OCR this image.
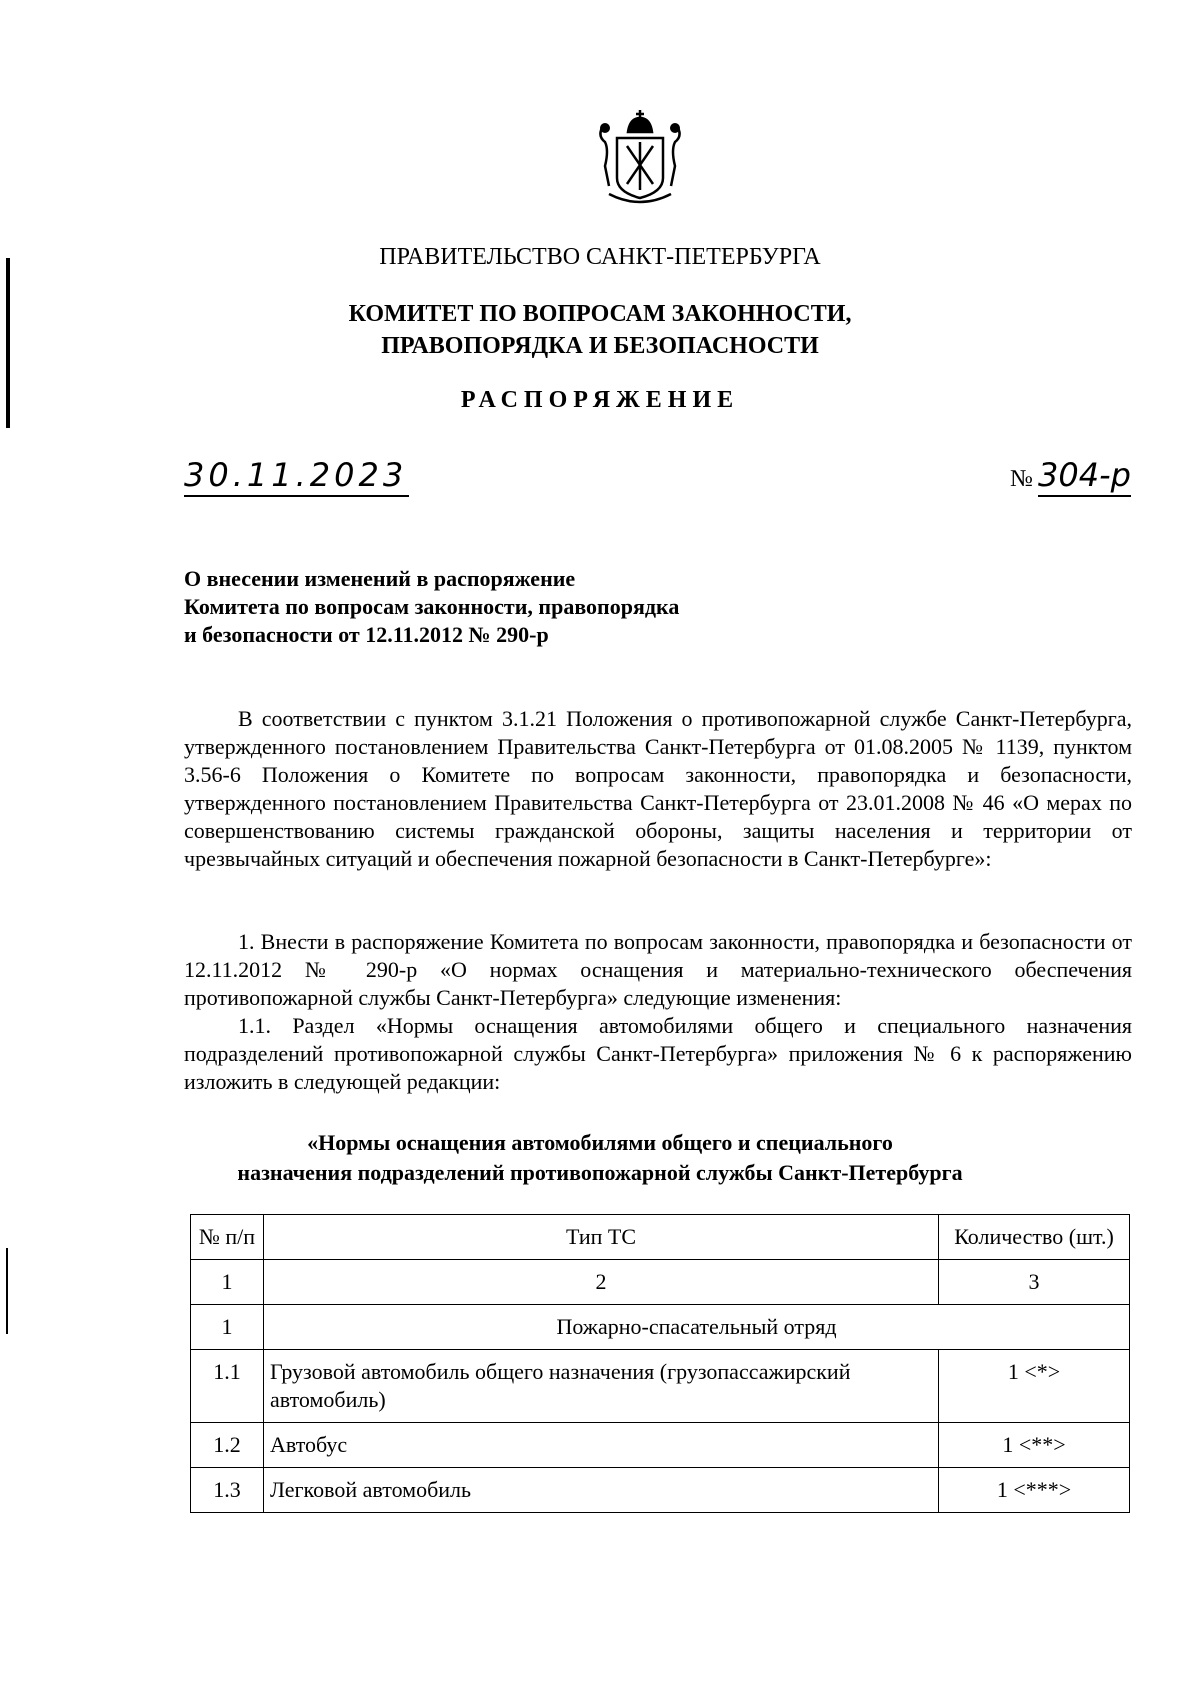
ПРАВИТЕЛЬСТВО САНКТ-ПЕТЕРБУРГА
КОМИТЕТ ПО ВОПРОСАМ ЗАКОННОСТИ,
ПРАВОПОРЯДКА И БЕЗОПАСНОСТИ
РАСПОРЯЖЕНИЕ
30.11.2023	№ 304-р
О внесении изменений в распоряжение
Комитета по вопросам законности, правопорядка
и безопасности от 12.11.2012 № 290-р
В соответствии с пунктом 3.1.21 Положения о противопожарной службе Санкт-Петербурга, утвержденного постановлением Правительства Санкт-Петербурга от 01.08.2005 № 1139, пунктом 3.56-6 Положения о Комитете по вопросам законности, правопорядка и безопасности, утвержденного постановлением Правительства Санкт-Петербурга от 23.01.2008 № 46 «О мерах по совершенствованию системы гражданской обороны, защиты населения и территории от чрезвычайных ситуаций и обеспечения пожарной безопасности в Санкт-Петербурге»:
1. Внести в распоряжение Комитета по вопросам законности, правопорядка и безопасности от 12.11.2012 № 290-р «О нормах оснащения и материально-технического обеспечения противопожарной службы Санкт-Петербурга» следующие изменения:
1.1. Раздел «Нормы оснащения автомобилями общего и специального назначения подразделений противопожарной службы Санкт-Петербурга» приложения № 6 к распоряжению изложить в следующей редакции:
«Нормы оснащения автомобилями общего и специального
назначения подразделений противопожарной службы Санкт-Петербурга
№ п/п	Тип ТС	Количество (шт.)
1	2	3
1	Пожарно-спасательный отряд	
1.1	Грузовой автомобиль общего назначения (грузопассажирский автомобиль)	1 <*>
1.2	Автобус	1 <**>
1.3	Легковой автомобиль	1 <***>
